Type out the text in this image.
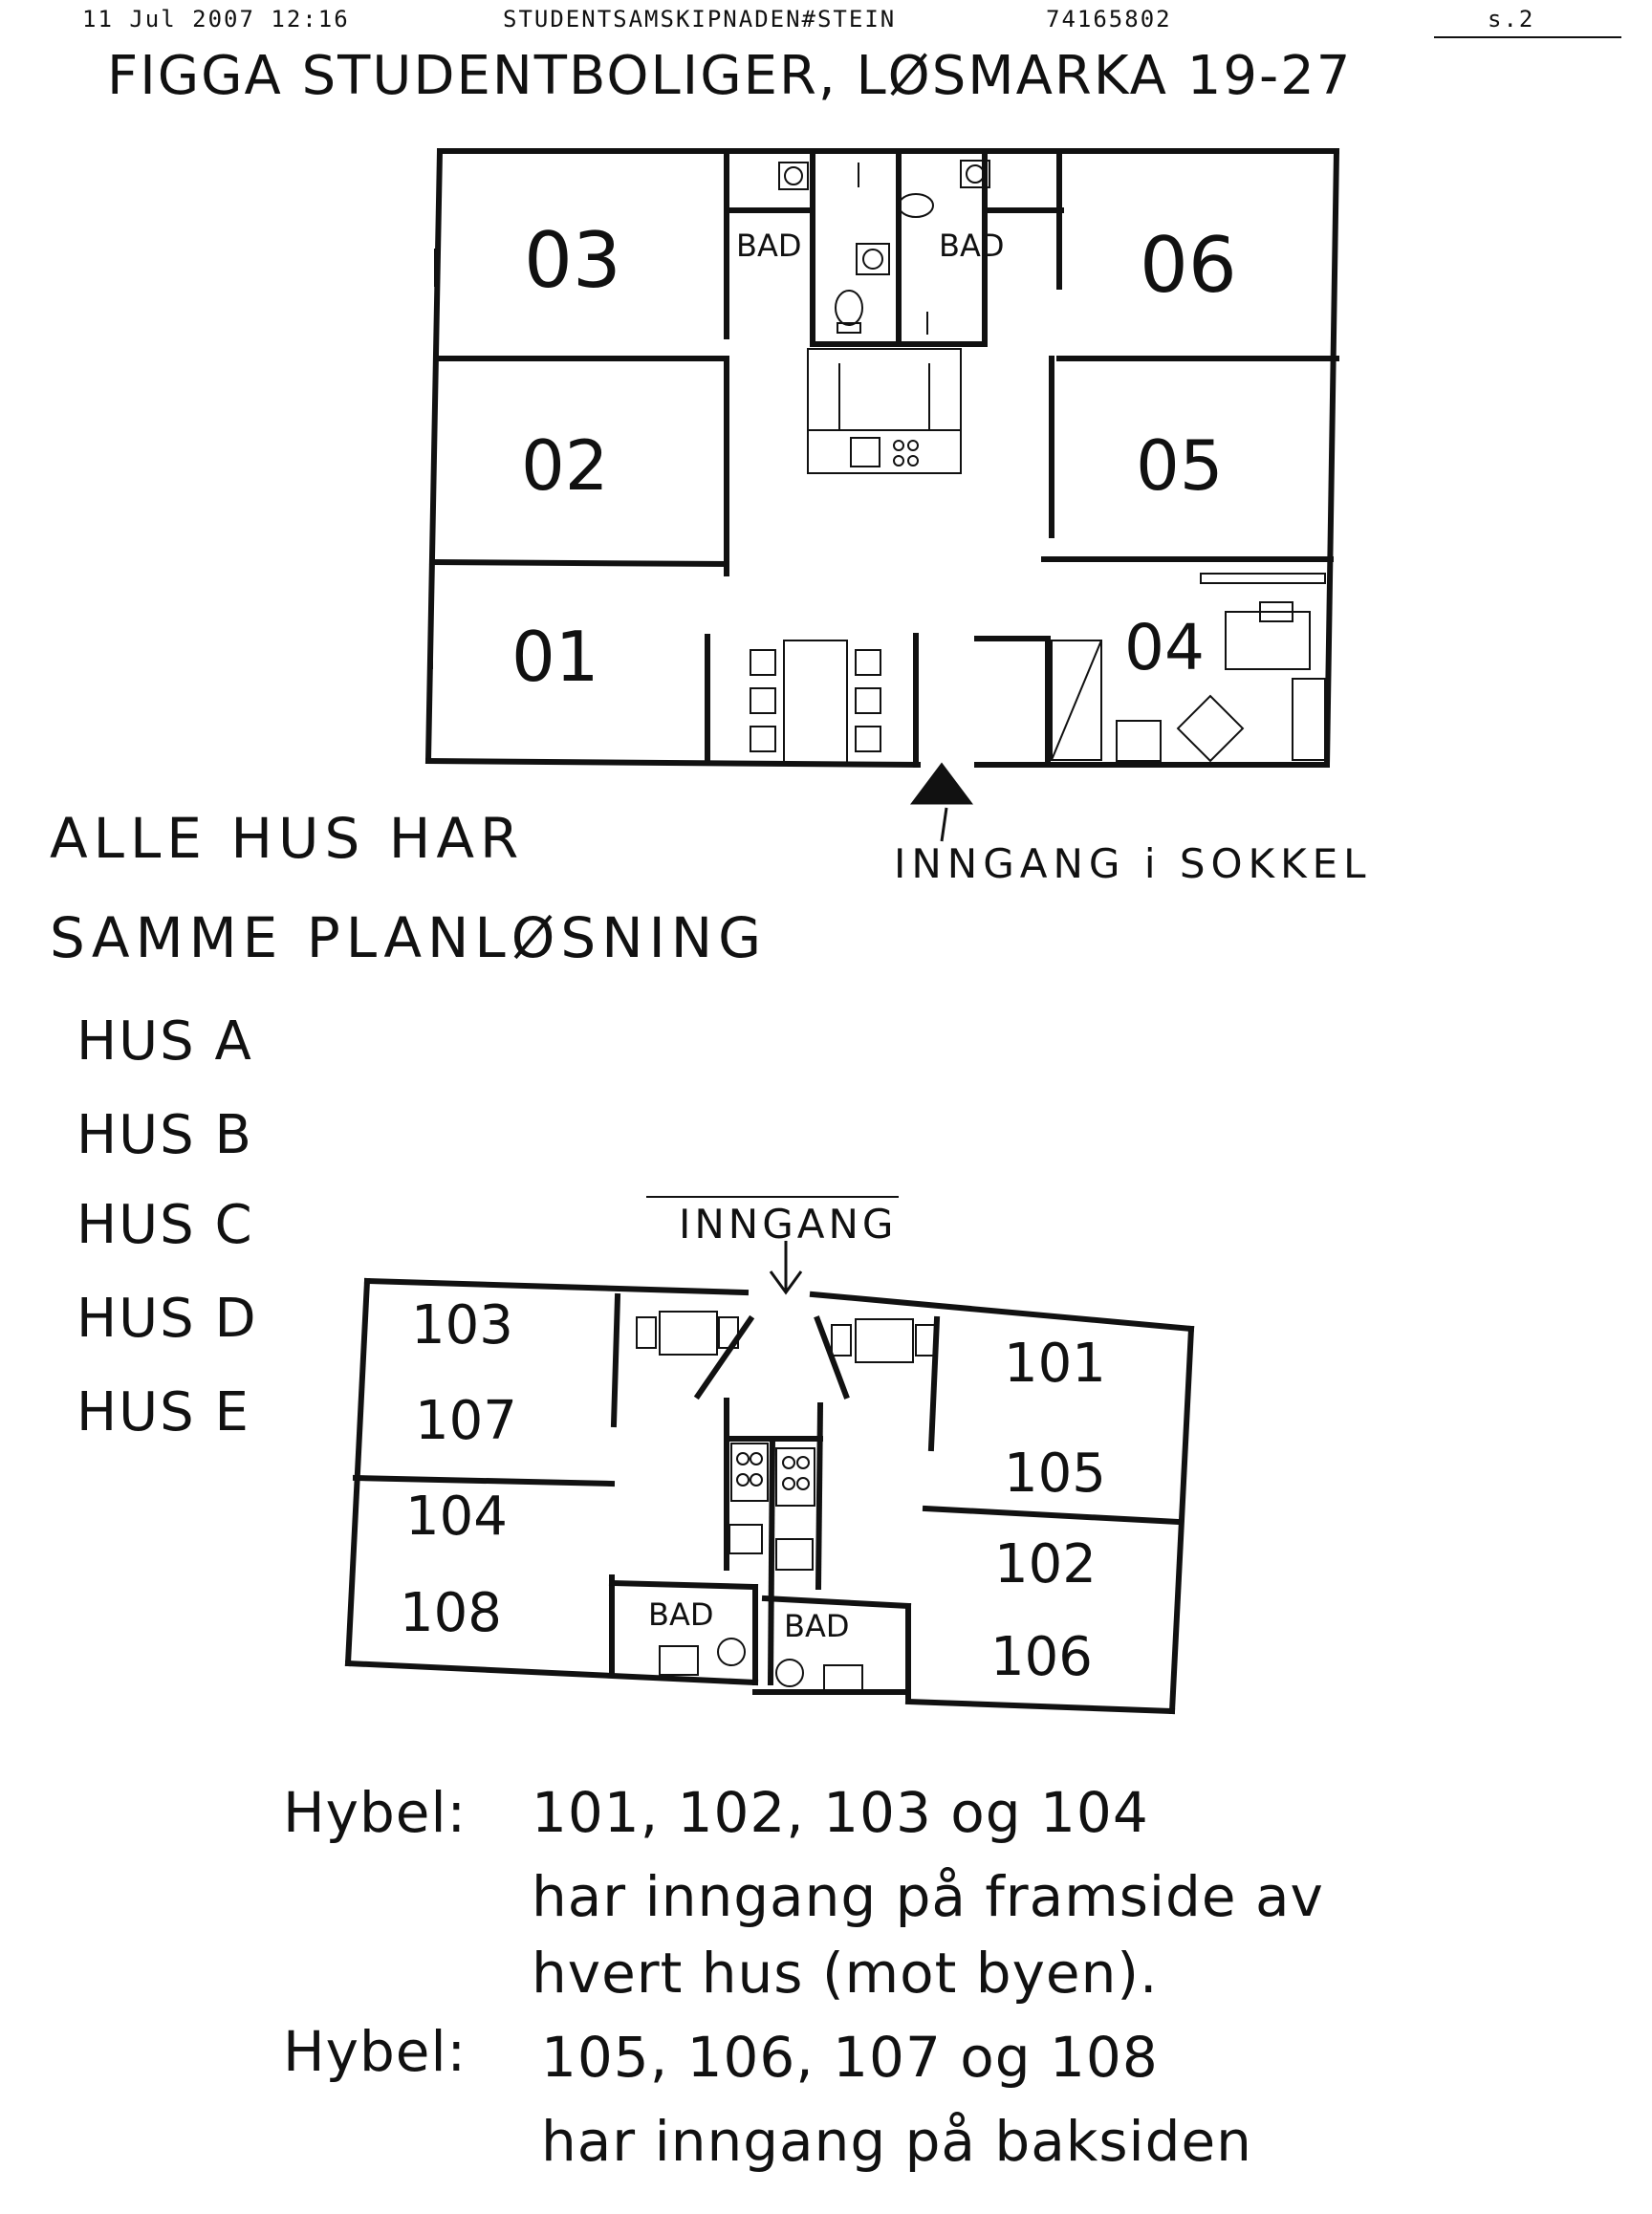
11 Jul 2007 12:16	STUDENTSAMSKIPNADEN#STEIN	74165802	s.2
FIGGA STUDENTBOLIGER, LØSMARKA 19-27
03
02
01
06
05
04
BAD	BAD
INNGANG i SOKKEL
INNGANG
103
107
104
108
101
105
102
106
BAD BAD
ALLE HUS HAR
SAMME PLANLØSNING
HUS A
HUS B
HUS C
HUS D
HUS E
Hybel: 101, 102, 103 og 104
har inngang på framside av
hvert hus (mot byen).
Hybel: 105, 106, 107 og 108
har inngang på baksiden
